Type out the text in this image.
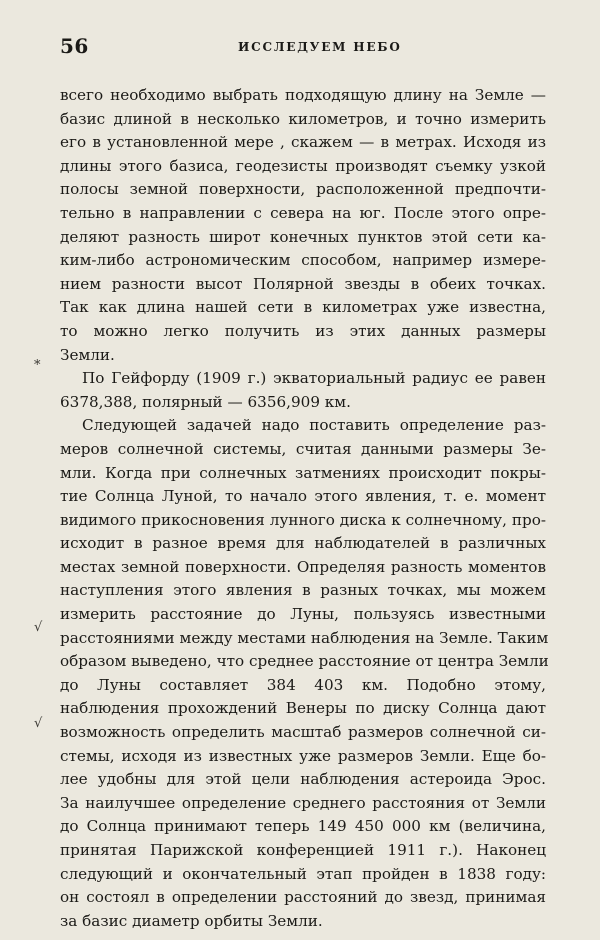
56	ИССЛЕДУЕМ НЕБО
*
√
√
всего необходимо выбрать подходящую длину на Земле —
базис длиной в несколько километров, и точно измерить
его в установленной мере , скажем — в метрах. Исходя из
длины этого базиса, геодезисты производят съемку узкой
полосы земной поверхности, расположенной предпочти-
тельно в направлении с севера на юг. После этого опре-
деляют разность широт конечных пунктов этой сети ка-
ким-либо астрономическим способом, например измере-
нием разности высот Полярной звезды в обеих точках.
Так как длина нашей сети в километрах уже известна,
то можно легко получить из этих данных размеры
Земли.
По Гейфорду (1909 г.) экваториальный радиус ее равен
6378,388, полярный — 6356,909 км.
Следующей задачей надо поставить определение раз-
меров солнечной системы, считая данными размеры Зе-
мли. Когда при солнечных затмениях происходит покры-
тие Солнца Луной, то начало этого явления, т. е. момент
видимого прикосновения лунного диска к солнечному, про-
исходит в разное время для наблюдателей в различных
местах земной поверхности. Определяя разность моментов
наступления этого явления в разных точках, мы можем
измерить расстояние до Луны, пользуясь известными
расстояниями между местами наблюдения на Земле. Таким
образом выведено, что среднее расстояние от центра Земли
до Луны составляет 384 403 км. Подобно этому,
наблюдения прохождений Венеры по диску Солнца дают
возможность определить масштаб размеров солнечной си-
стемы, исходя из известных уже размеров Земли. Еще бо-
лее удобны для этой цели наблюдения астероида Эрос.
За наилучшее определение среднего расстояния от Земли
до Солнца принимают теперь 149 450 000 км (величина,
принятая Парижской конференцией 1911 г.). Наконец
следующий и окончательный этап пройден в 1838 году:
он состоял в определении расстояний до звезд, принимая
за базис диаметр орбиты Земли.
